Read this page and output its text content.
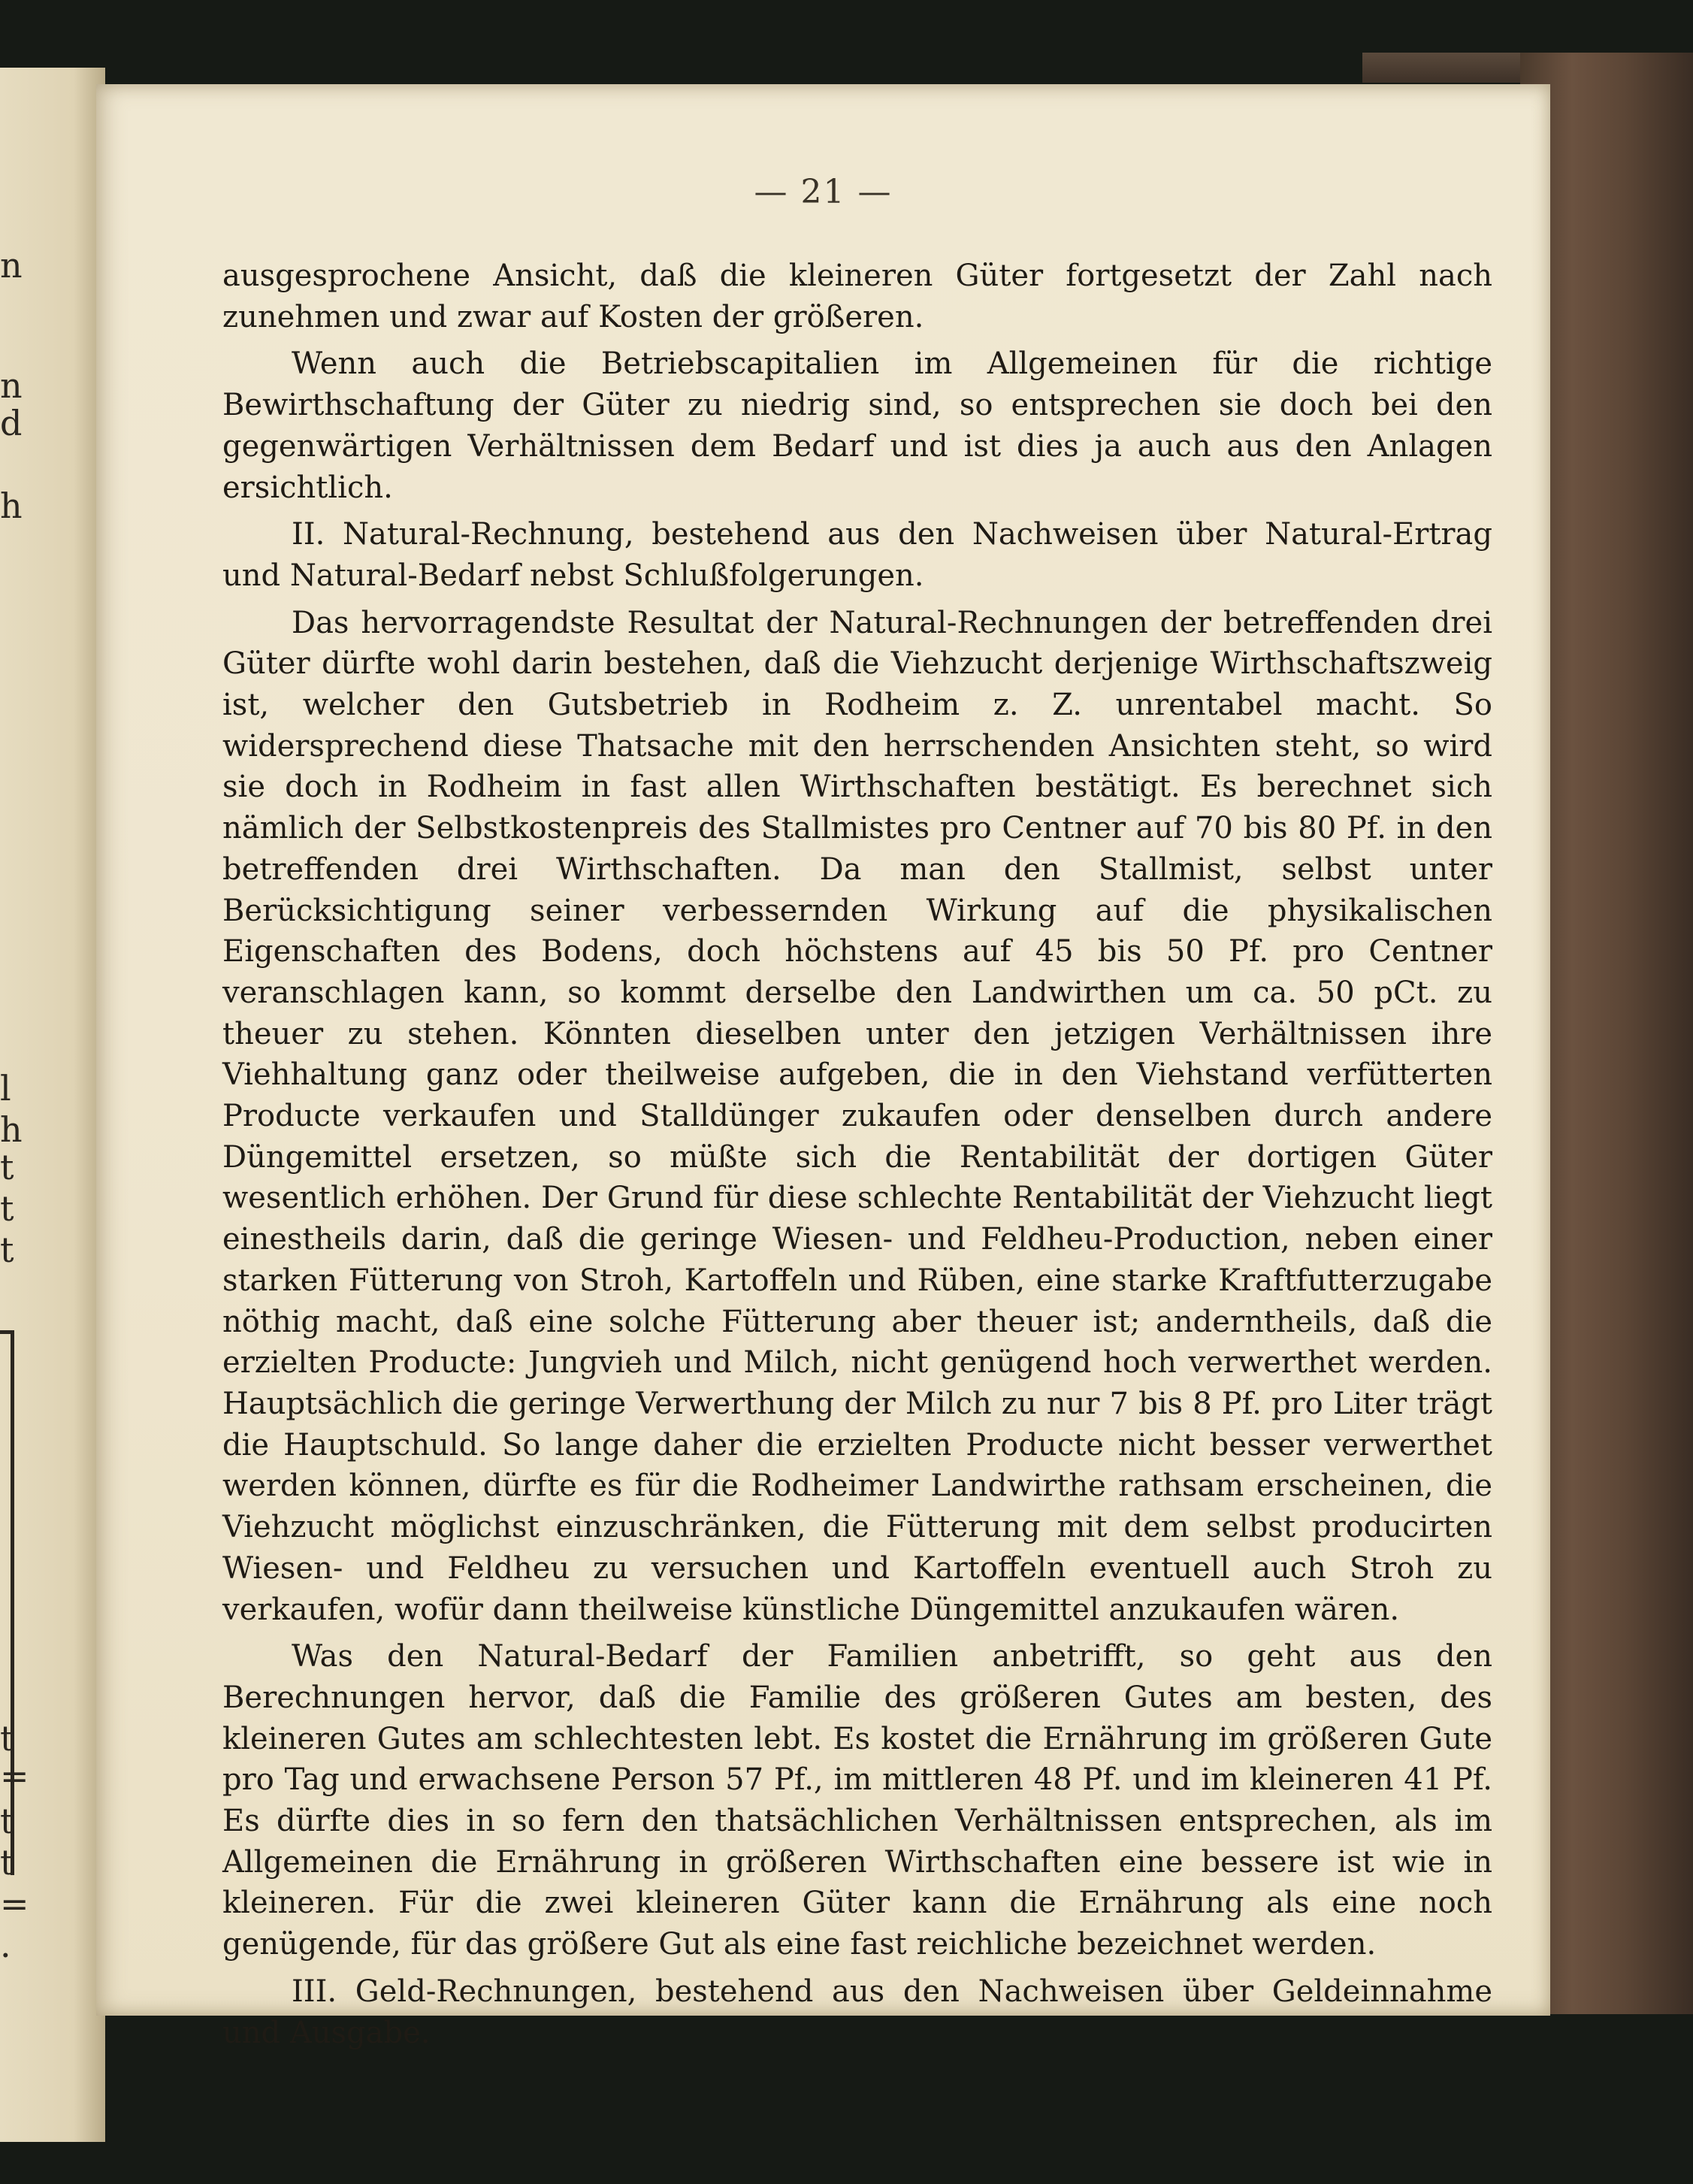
n
n
d
h
l
h
t
t
t
t
=
t
t
=
.
— 21 —

ausgesprochene Ansicht, daß die kleineren Güter fortgesetzt der Zahl nach zunehmen und zwar auf Kosten der größeren.

Wenn auch die Betriebscapitalien im Allgemeinen für die richtige Bewirthschaftung der Güter zu niedrig sind, so entsprechen sie doch bei den gegenwärtigen Verhältnissen dem Bedarf und ist dies ja auch aus den Anlagen ersichtlich.

II. Natural-Rechnung, bestehend aus den Nachweisen über Natural-Ertrag und Natural-Bedarf nebst Schlußfolgerungen.

Das hervorragendste Resultat der Natural-Rechnungen der betreffenden drei Güter dürfte wohl darin bestehen, daß die Viehzucht derjenige Wirthschaftszweig ist, welcher den Gutsbetrieb in Rodheim z. Z. unrentabel macht. So widersprechend diese Thatsache mit den herrschenden Ansichten steht, so wird sie doch in Rodheim in fast allen Wirthschaften bestätigt. Es berechnet sich nämlich der Selbstkostenpreis des Stallmistes pro Centner auf 70 bis 80 Pf. in den betreffenden drei Wirthschaften. Da man den Stallmist, selbst unter Berücksichtigung seiner verbessernden Wirkung auf die physikalischen Eigenschaften des Bodens, doch höchstens auf 45 bis 50 Pf. pro Centner veranschlagen kann, so kommt derselbe den Landwirthen um ca. 50 pCt. zu theuer zu stehen. Könnten dieselben unter den jetzigen Verhältnissen ihre Viehhaltung ganz oder theilweise aufgeben, die in den Viehstand verfütterten Producte verkaufen und Stalldünger zukaufen oder denselben durch andere Düngemittel ersetzen, so müßte sich die Rentabilität der dortigen Güter wesentlich erhöhen. Der Grund für diese schlechte Rentabilität der Viehzucht liegt einestheils darin, daß die geringe Wiesen- und Feldheu-Production, neben einer starken Fütterung von Stroh, Kartoffeln und Rüben, eine starke Kraftfutterzugabe nöthig macht, daß eine solche Fütterung aber theuer ist; anderntheils, daß die erzielten Producte: Jungvieh und Milch, nicht genügend hoch verwerthet werden. Hauptsächlich die geringe Verwerthung der Milch zu nur 7 bis 8 Pf. pro Liter trägt die Hauptschuld. So lange daher die erzielten Producte nicht besser verwerthet werden können, dürfte es für die Rodheimer Landwirthe rathsam erscheinen, die Viehzucht möglichst einzuschränken, die Fütterung mit dem selbst producirten Wiesen- und Feldheu zu versuchen und Kartoffeln eventuell auch Stroh zu verkaufen, wofür dann theilweise künstliche Düngemittel anzukaufen wären.

Was den Natural-Bedarf der Familien anbetrifft, so geht aus den Berechnungen hervor, daß die Familie des größeren Gutes am besten, des kleineren Gutes am schlechtesten lebt. Es kostet die Ernährung im größeren Gute pro Tag und erwachsene Person 57 Pf., im mittleren 48 Pf. und im kleineren 41 Pf. Es dürfte dies in so fern den thatsächlichen Verhältnissen entsprechen, als im Allgemeinen die Ernährung in größeren Wirthschaften eine bessere ist wie in kleineren. Für die zwei kleineren Güter kann die Ernährung als eine noch genügende, für das größere Gut als eine fast reichliche bezeichnet werden.

III. Geld-Rechnungen, bestehend aus den Nachweisen über Geldeinnahme und Ausgabe.
